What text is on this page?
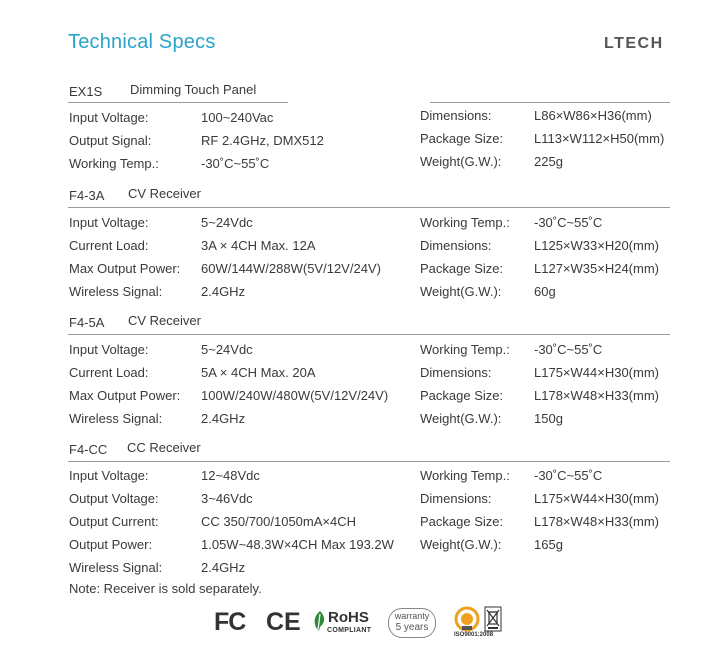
Technical Specs	LTECH
EX1S Dimming Touch Panel
Input Voltage:	100~240Vac
Output Signal:	RF 2.4GHz, DMX512
Working Temp.:	-30˚C~55˚C
Dimensions:	L86×W86×H36(mm)
Package Size: L113×W112×H50(mm)
Weight(G.W.):	225g
F4-3A CV Receiver
Input Voltage:	5~24Vdc
Current Load:	3A × 4CH Max. 12A
Max Output Power: 60W/144W/288W(5V/12V/24V)
Wireless Signal:	2.4GHz
Working Temp.: -30˚C~55˚C
Dimensions:	L125×W33×H20(mm)
Package Size: L127×W35×H24(mm)
Weight(G.W.):	60g
F4-5A CV Receiver
Input Voltage:	5~24Vdc
Current Load:	5A × 4CH Max. 20A
Max Output Power: 100W/240W/480W(5V/12V/24V)
Wireless Signal:	2.4GHz
Working Temp.: -30˚C~55˚C
Dimensions:	L175×W44×H30(mm)
Package Size: L178×W48×H33(mm)
Weight(G.W.):	150g
F4-CC CC Receiver
Input Voltage:	12~48Vdc
Output Voltage:	3~46Vdc
Output Current:	CC 350/700/1050mA×4CH
Output Power:	1.05W~48.3W×4CH Max 193.2W
Wireless Signal:	2.4GHz
Working Temp.: -30˚C~55˚C
Dimensions:	L175×W44×H30(mm)
Package Size: L178×W48×H33(mm)
Weight(G.W.):	165g
Note: Receiver is sold separately.
FC CE RoHS
COMPLIANT
warranty
5 years
ISO9001:2008
